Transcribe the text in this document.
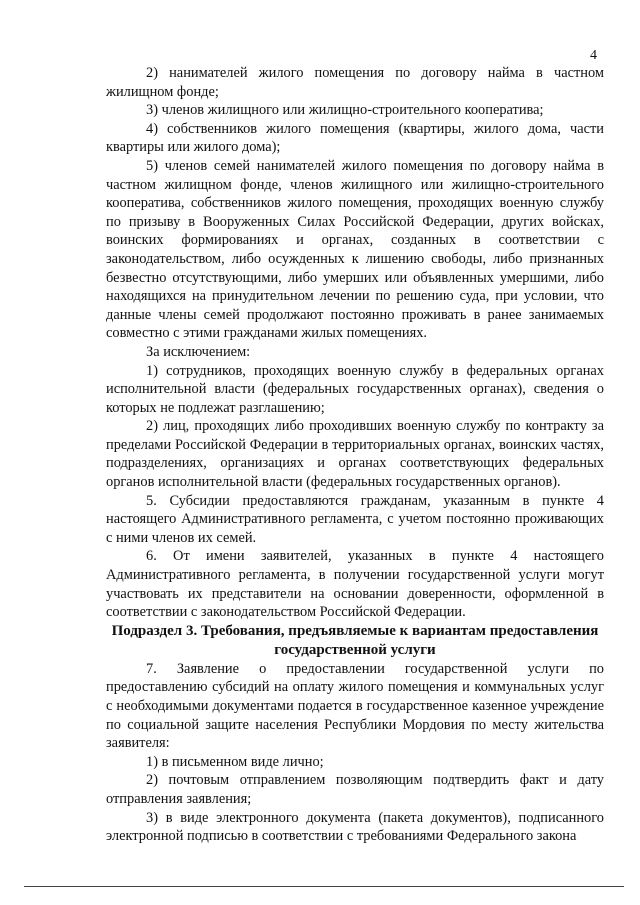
4

2) нанимателей жилого помещения по договору найма в частном жилищном фонде;

3) членов жилищного или жилищно-строительного кооператива;

4) собственников жилого помещения (квартиры, жилого дома, части квартиры или жилого дома);

5) членов семей нанимателей жилого помещения по договору найма в частном жилищном фонде, членов жилищного или жилищно-строительного кооператива, собственников жилого помещения, проходящих военную службу по призыву в Вооруженных Силах Российской Федерации, других войсках, воинских формированиях и органах, созданных в соответствии с законодательством, либо осужденных к лишению свободы, либо признанных безвестно отсутствующими, либо умерших или объявленных умершими, либо находящихся на принудительном лечении по решению суда, при условии, что данные члены семей продолжают постоянно проживать в ранее занимаемых совместно с этими гражданами жилых помещениях.

За исключением:

1) сотрудников, проходящих военную службу в федеральных органах исполнительной власти (федеральных государственных органах), сведения о которых не подлежат разглашению;

2) лиц, проходящих либо проходивших военную службу по контракту за пределами Российской Федерации в территориальных органах, воинских частях, подразделениях, организациях и органах соответствующих федеральных органов исполнительной власти (федеральных государственных органов).

5. Субсидии предоставляются гражданам, указанным в пункте 4 настоящего Административного регламента, с учетом постоянно проживающих с ними членов их семей.

6. От имени заявителей, указанных в пункте 4 настоящего Административного регламента, в получении государственной услуги могут участвовать их представители на основании доверенности, оформленной в соответствии с законодательством Российской Федерации.

Подраздел 3. Требования, предъявляемые к вариантам предоставления государственной услуги

7. Заявление о предоставлении государственной услуги по предоставлению субсидий на оплату жилого помещения и коммунальных услуг с необходимыми документами подается в государственное казенное учреждение по социальной защите населения Республики Мордовия по месту жительства заявителя:

1) в письменном виде лично;

2) почтовым отправлением позволяющим подтвердить факт и дату отправления заявления;

3) в виде электронного документа (пакета документов), подписанного электронной подписью в соответствии с требованиями Федерального закона
